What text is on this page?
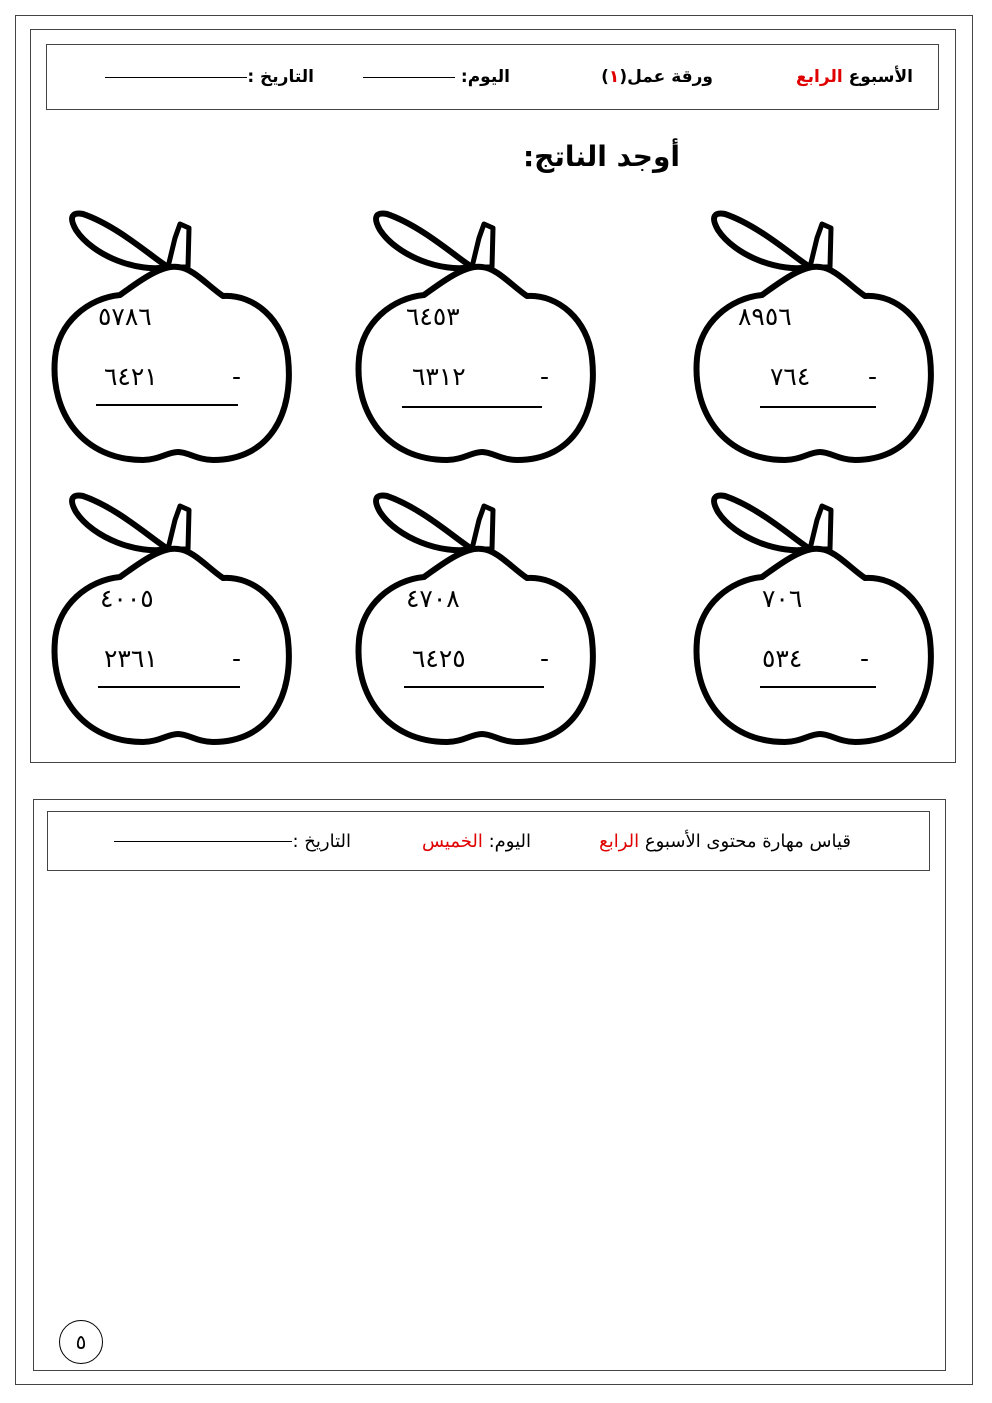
الأسبوع

الرابع
ورقة عمل
(
١
)
اليوم:

التاريخ :
أوجد الناتج:
٨٩٥٦
٧٦٤ -
٦٤٥٣
٦٣١٢	-
٥٧٨٦
٦٤٢١	-
٧٠٦
٥٣٤ -
٤٧٠٨
٦٤٢٥	-
٤٠٠٥
٢٣٦١	-
قياس مهارة محتوى الأسبوع

الرابع
اليوم:

الخميس
التاريخ :
٥
